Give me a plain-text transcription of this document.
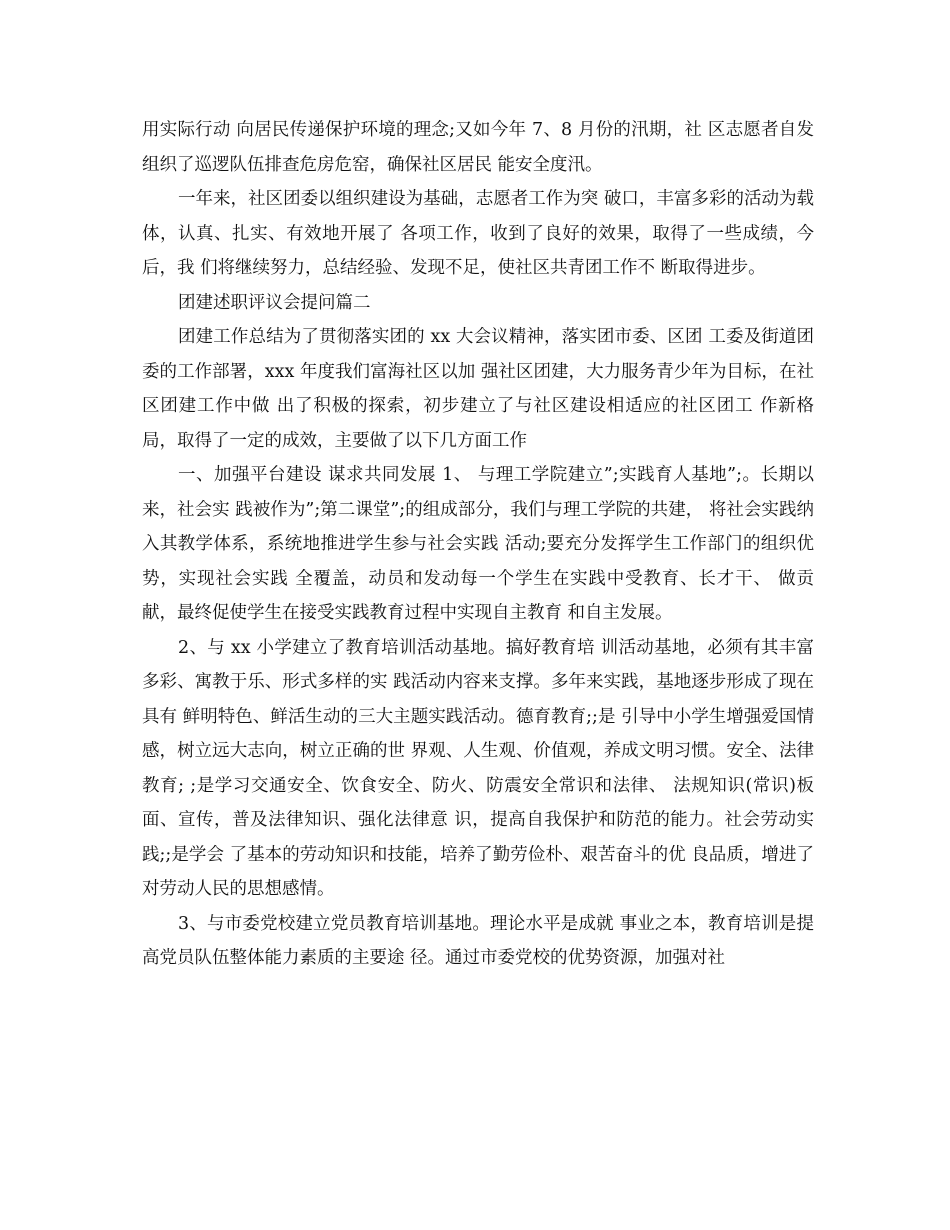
用实际行动 向居民传递保护环境的理念;又如今年 7、8 月份的汛期，社 区志愿者自发组织了巡逻队伍排查危房危窑，确保社区居民 能安全度汛。

一年来，社区团委以组织建设为基础，志愿者工作为突 破口，丰富多彩的活动为载体，认真、扎实、有效地开展了 各项工作，收到了良好的效果，取得了一些成绩，今后，我 们将继续努力，总结经验、发现不足，使社区共青团工作不 断取得进步。

团建述职评议会提问篇二

团建工作总结为了贯彻落实团的 xx 大会议精神，落实团市委、区团 工委及街道团委的工作部署，xxx 年度我们富海社区以加 强社区团建，大力服务青少年为目标，在社区团建工作中做 出了积极的探索，初步建立了与社区建设相适应的社区团工 作新格局，取得了一定的成效，主要做了以下几方面工作

一、加强平台建设 谋求共同发展 1、 与理工学院建立”;实践育人基地”;。长期以来，社会实 践被作为”;第二课堂”;的组成部分，我们与理工学院的共建， 将社会实践纳入其教学体系，系统地推进学生参与社会实践 活动;要充分发挥学生工作部门的组织优势，实现社会实践 全覆盖，动员和发动每一个学生在实践中受教育、长才干、 做贡献，最终促使学生在接受实践教育过程中实现自主教育 和自主发展。

2、与 xx 小学建立了教育培训活动基地。搞好教育培 训活动基地，必须有其丰富多彩、寓教于乐、形式多样的实 践活动内容来支撑。多年来实践，基地逐步形成了现在具有 鲜明特色、鲜活生动的三大主题实践活动。德育教育;;是 引导中小学生增强爱国情感，树立远大志向，树立正确的世 界观、人生观、价值观，养成文明习惯。安全、法律教育; ;是学习交通安全、饮食安全、防火、防震安全常识和法律、 法规知识(常识)板面、宣传，普及法律知识、强化法律意 识，提高自我保护和防范的能力。社会劳动实践;;是学会 了基本的劳动知识和技能，培养了勤劳俭朴、艰苦奋斗的优 良品质，增进了对劳动人民的思想感情。

3、与市委党校建立党员教育培训基地。理论水平是成就 事业之本，教育培训是提高党员队伍整体能力素质的主要途 径。通过市委党校的优势资源，加强对社
